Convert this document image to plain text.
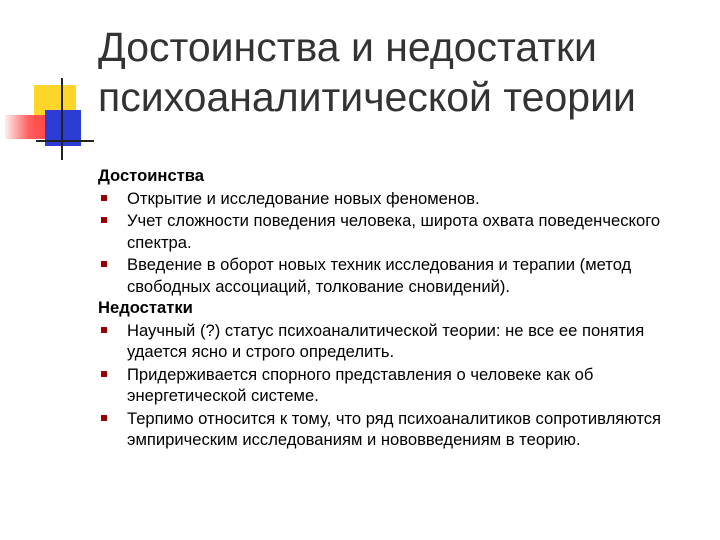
Достоинства и недостатки
психоаналитической теории

Достоинства

Открытие и исследование новых феноменов.
Учет сложности поведения человека, широта охвата поведенческого спектра.
Введение в оборот новых техник исследования и терапии (метод свободных ассоциаций, толкование сновидений).

Недостатки

Научный (?) статус психоаналитической теории: не все ее понятия удается ясно и строго определить.
Придерживается спорного представления о человеке как об энергетической системе.
Терпимо относится к тому, что ряд психоаналитиков сопротивляются эмпирическим исследованиям и нововведениям в теорию.
